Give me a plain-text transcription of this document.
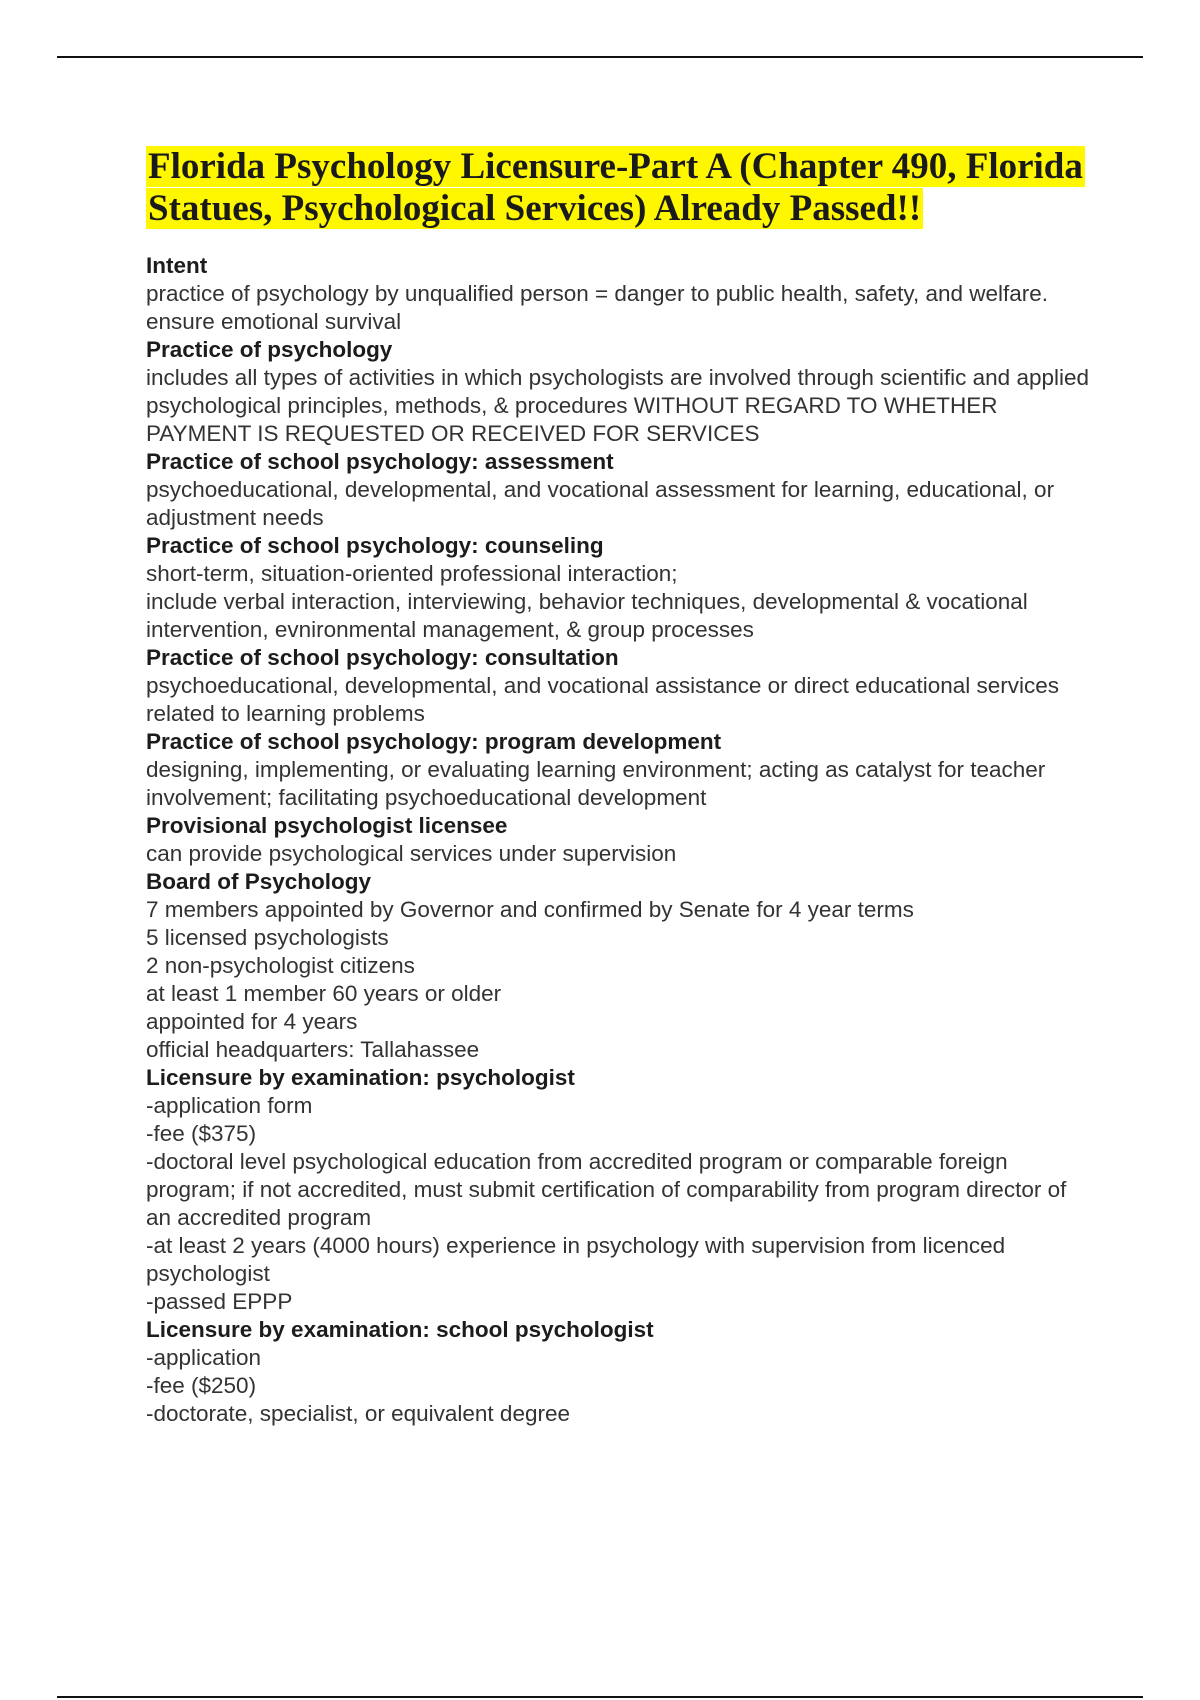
Florida Psychology Licensure-Part A (Chapter 490, Florida Statues, Psychological Services) Already Passed!!

Intent

practice of psychology by unqualified person = danger to public health, safety, and welfare. ensure emotional survival

Practice of psychology

includes all types of activities in which psychologists are involved through scientific and applied psychological principles, methods, & procedures WITHOUT REGARD TO WHETHER PAYMENT IS REQUESTED OR RECEIVED FOR SERVICES

Practice of school psychology: assessment

psychoeducational, developmental, and vocational assessment for learning, educational, or adjustment needs

Practice of school psychology: counseling

short-term, situation-oriented professional interaction;
include verbal interaction, interviewing, behavior techniques, developmental & vocational intervention, evnironmental management, & group processes

Practice of school psychology: consultation

psychoeducational, developmental, and vocational assistance or direct educational services related to learning problems

Practice of school psychology: program development

designing, implementing, or evaluating learning environment; acting as catalyst for teacher involvement; facilitating psychoeducational development

Provisional psychologist licensee

can provide psychological services under supervision

Board of Psychology

7 members appointed by Governor and confirmed by Senate for 4 year terms
5 licensed psychologists
2 non-psychologist citizens
at least 1 member 60 years or older
appointed for 4 years
official headquarters: Tallahassee

Licensure by examination: psychologist

-application form
-fee ($375)
-doctoral level psychological education from accredited program or comparable foreign program; if not accredited, must submit certification of comparability from program director of an accredited program
-at least 2 years (4000 hours) experience in psychology with supervision from licenced psychologist
-passed EPPP

Licensure by examination: school psychologist

-application
-fee ($250)
-doctorate, specialist, or equivalent degree
